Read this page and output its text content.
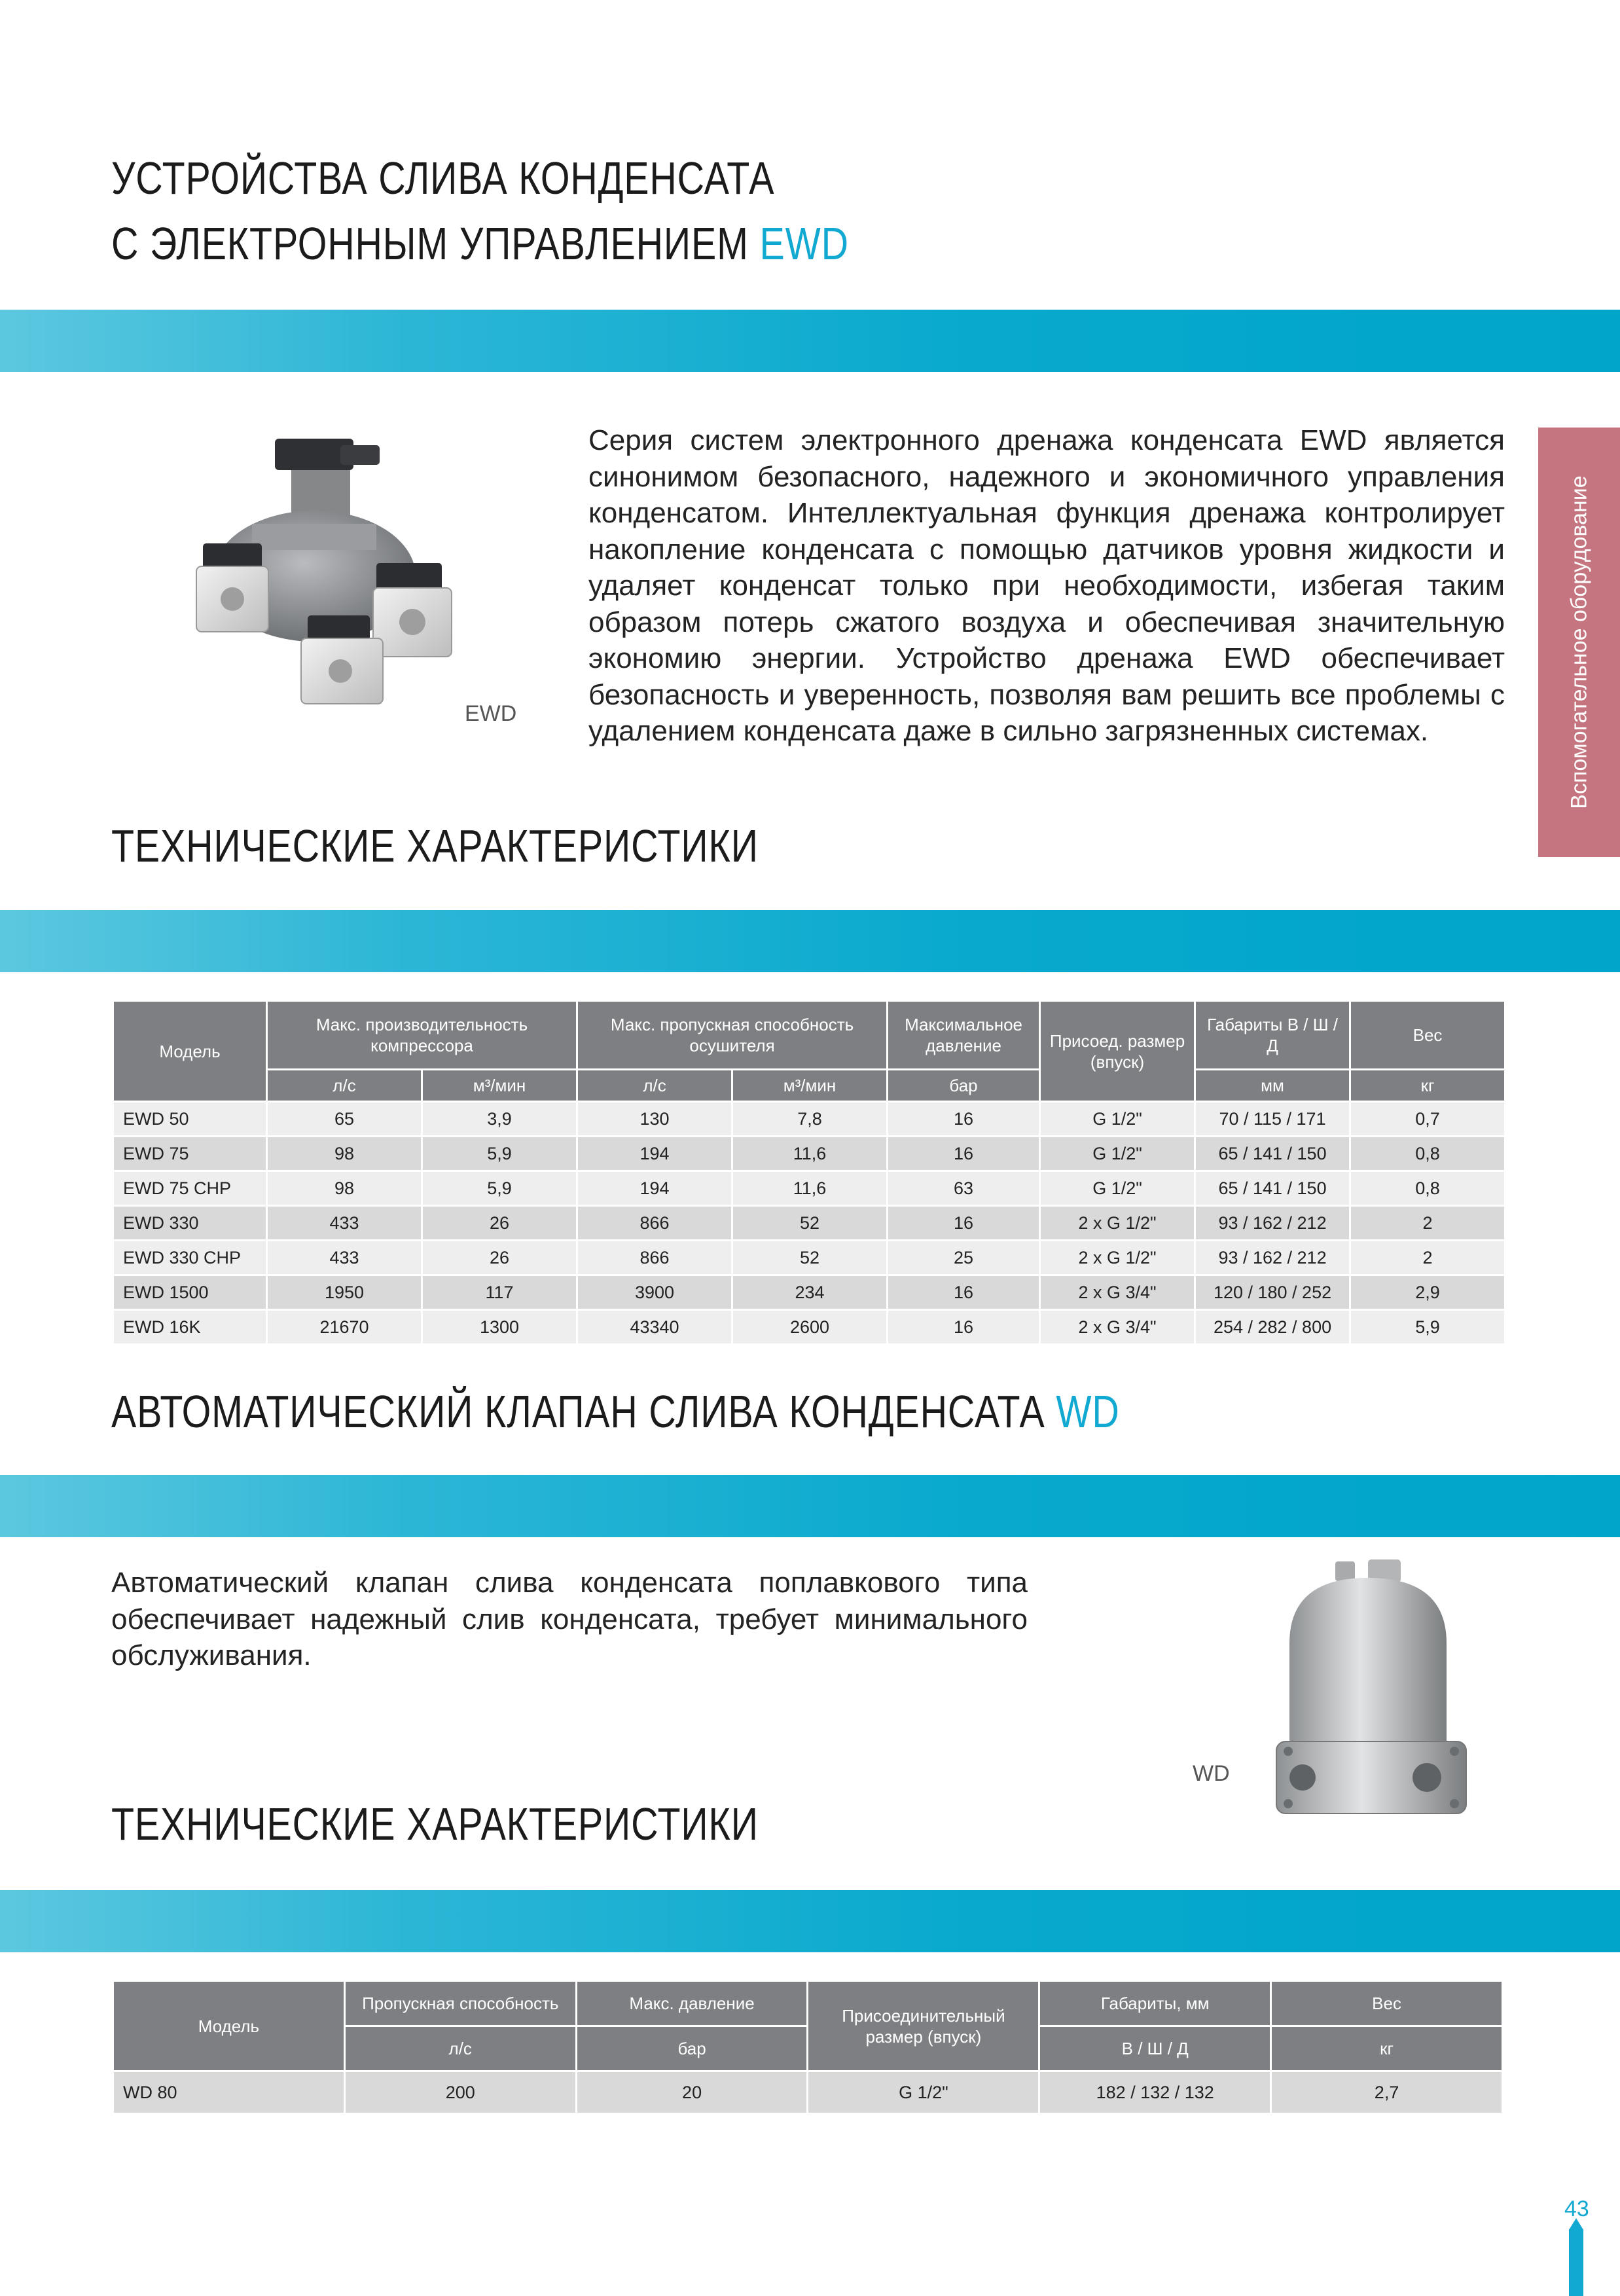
УСТРОЙСТВА СЛИВА КОНДЕНСАТА
С ЭЛЕКТРОННЫМ УПРАВЛЕНИЕМ EWD
EWD
Серия систем электронного дренажа конденсата EWD является синонимом безопасного, надежного и экономичного управления конденсатом. Интеллектуальная функция дренажа контролирует накопление конденсата с помощью датчиков уровня жидкости и удаляет конденсат только при необходимости, избегая таким образом потерь сжатого воздуха и обеспечивая значительную экономию энергии. Устройство дренажа EWD обеспечивает безопасность и уверенность, позволяя вам решить все проблемы с удалением конденсата даже в сильно загрязненных системах.	Вспомогательное оборудование
ТЕХНИЧЕСКИЕ ХАРАКТЕРИСТИКИ
Модель	Макс. производительность компрессора		Макс. пропускная способность осушителя		Максимальное давление	Присоед. размер (впуск)	Габариты В / Ш / Д	Вес
	л/с	м³/мин	л/с	м³/мин	бар		мм	кг
EWD 50	65	3,9	130	7,8	16	G 1/2"	70 / 115 / 171	0,7
EWD 75	98	5,9	194	11,6	16	G 1/2"	65 / 141 / 150	0,8
EWD 75 CHP	98	5,9	194	11,6	63	G 1/2"	65 / 141 / 150	0,8
EWD 330	433	26	866	52	16	2 x G 1/2"	93 / 162 / 212	2
EWD 330 CHP	433	26	866	52	25	2 x G 1/2"	93 / 162 / 212	2
EWD 1500	1950	117	3900	234	16	2 x G 3/4"	120 / 180 / 252	2,9
EWD 16K	21670	1300	43340	2600	16	2 x G 3/4"	254 / 282 / 800	5,9
АВТОМАТИЧЕСКИЙ КЛАПАН СЛИВА КОНДЕНСАТА WD
Автоматический клапан слива конденсата поплавкового типа обеспечивает надежный слив конденсата, требует минимального обслуживания.
WD
ТЕХНИЧЕСКИЕ ХАРАКТЕРИСТИКИ
Модель	Пропускная способность	Макс. давление	Присоединительный размер (впуск)	Габариты, мм	Вес
	л/с	бар		В / Ш / Д	кг
WD 80	200	20	G 1/2"	182 / 132 / 132	2,7
43
